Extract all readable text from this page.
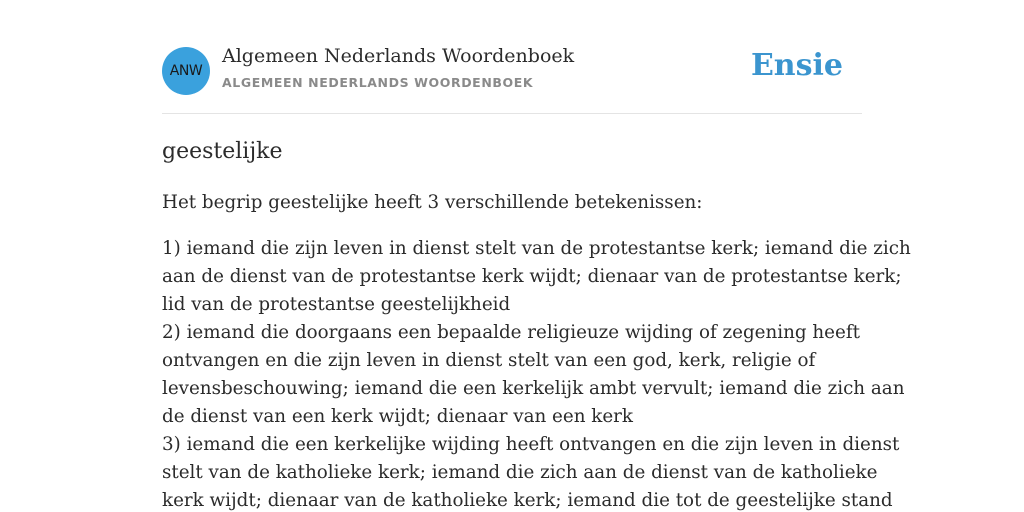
ANW
Algemeen Nederlands Woordenboek
ALGEMEEN NEDERLANDS WOORDENBOEK	Ensie
geestelijke

Het begrip geestelijke heeft 3 verschillende betekenissen:

1) iemand die zijn leven in dienst stelt van de protestantse kerk; iemand die zich
aan de dienst van de protestantse kerk wijdt; dienaar van de protestantse kerk;
lid van de protestantse geestelijkheid
2) iemand die doorgaans een bepaalde religieuze wijding of zegening heeft
ontvangen en die zijn leven in dienst stelt van een god, kerk, religie of
levensbeschouwing; iemand die een kerkelijk ambt vervult; iemand die zich aan
de dienst van een kerk wijdt; dienaar van een kerk
3) iemand die een kerkelijke wijding heeft ontvangen en die zijn leven in dienst
stelt van de katholieke kerk; iemand die zich aan de dienst van de katholieke
kerk wijdt; dienaar van de katholieke kerk; iemand die tot de geestelijke stand
